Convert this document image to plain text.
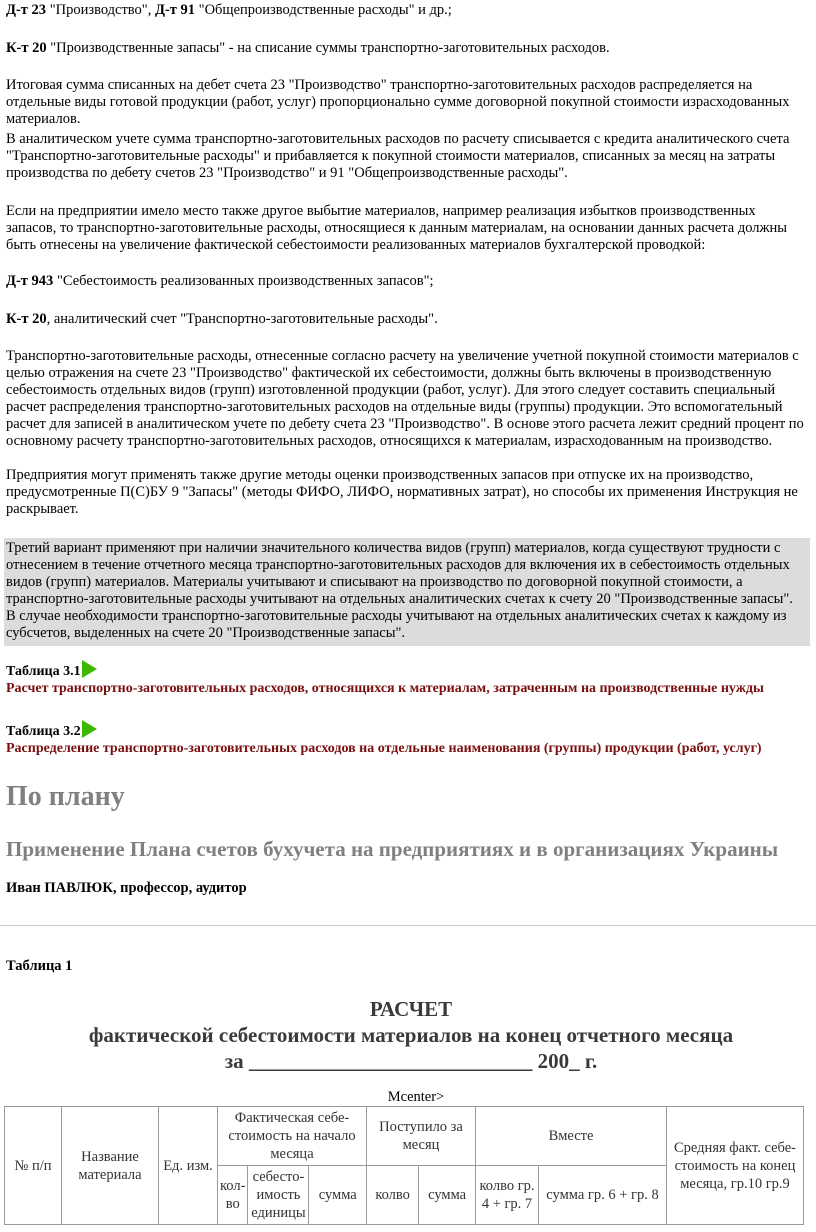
Д-т 23 "Производство", Д-т 91 "Общепроизводственные расходы" и др.;

К-т 20 "Производственные запасы" - на списание суммы транспортно-заготовительных расходов.

Итоговая сумма списанных на дебет счета 23 "Производство" транспортно-заготовительных расходов распределяется на отдельные виды готовой продукции (работ, услуг) пропорционально сумме договорной покупной стоимости израсходованных материалов.

В аналитическом учете сумма транспортно-заготовительных расходов по расчету списывается с кредита аналитического счета "Транспортно-заготовительные расходы" и прибавляется к покупной стоимости материалов, списанных за месяц на затраты производства по дебету счетов 23 "Производство" и 91 "Общепроизводственные расходы".

Если на предприятии имело место также другое выбытие материалов, например реализация избытков производственных запасов, то транспортно-заготовительные расходы, относящиеся к данным материалам, на основании данных расчета должны быть отнесены на увеличение фактической себестоимости реализованных материалов бухгалтерской проводкой:

Д-т 943 "Себестоимость реализованных производственных запасов";

К-т 20, аналитический счет "Транспортно-заготовительные расходы".

Транспортно-заготовительные расходы, отнесенные согласно расчету на увеличение учетной покупной стоимости материалов с целью отражения на счете 23 "Производство" фактической их себестоимости, должны быть включены в производственную себестоимость отдельных видов (групп) изготовленной продукции (работ, услуг). Для этого следует составить специальный расчет распределения транспортно-заготовительных расходов на отдельные виды (группы) продукции. Это вспомогательный расчет для записей в аналитическом учете по дебету счета 23 "Производство". В основе этого расчета лежит средний процент по основному расчету транспортно-заготовительных расходов, относящихся к материалам, израсходованным на производство.

Предприятия могут применять также другие методы оценки производственных запасов при отпуске их на производство, предусмотренные П(С)БУ 9 "Запасы" (методы ФИФО, ЛИФО, нормативных затрат), но способы их применения Инструкция не раскрывает.

Третий вариант применяют при наличии значительного количества видов (групп) материалов, когда существуют трудности с отнесением в течение отчетного месяца транспортно-заготовительных расходов для включения их в себестоимость отдельных видов (групп) материалов. Материалы учитывают и списывают на производство по договорной покупной стоимости, а транспортно-заготовительные расходы учитывают на отдельных аналитических счетах к счету 20 "Производственные запасы". В случае необходимости транспортно-заготовительные расходы учитывают на отдельных аналитических счетах к каждому из субсчетов, выделенных на счете 20 "Производственные запасы".

Таблица 3.1
Расчет транспортно-заготовительных расходов, относящихся к материалам, затраченным на производственные нужды
Таблица 3.2
Распределение транспортно-заготовительных расходов на отдельные наименования (группы) продукции (работ, услуг)
По плану
Применение Плана счетов бухучета на предприятиях и в организациях Украины
Иван ПАВЛЮК, профессор, аудитор
Таблица 1
РАСЧЕТ
фактической себестоимости материалов на конец отчетного месяца
за ___________________________ 200_ г.
Mcenter>
№ п/п	Название материала	Ед. изм.	Фактическая себе-стоимость на начало месяца			Поступило за месяц		Вместе		Средняя факт. себе-стоимость на конец месяца, гр.10 гр.9
			кол-во	себесто-имость единицы	сумма	колво	сумма	колво гр. 4 + гр. 7	сумма гр. 6 + гр. 8	
